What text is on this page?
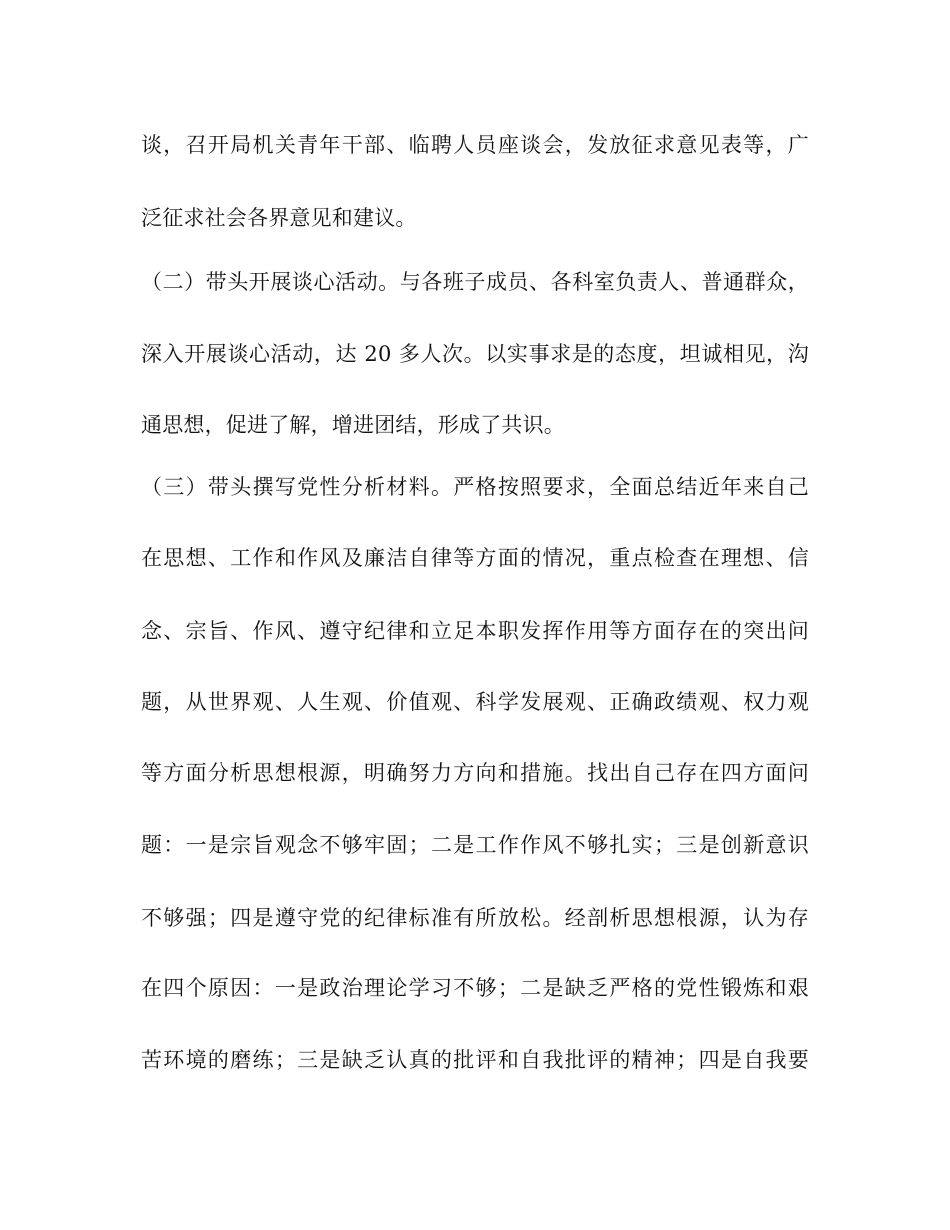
谈，召开局机关青年干部、临聘人员座谈会，发放征求意见表等，广
泛征求社会各界意见和建议。
（二）带头开展谈心活动。与各班子成员、各科室负责人、普通群众，
深入开展谈心活动，达 20 多人次。以实事求是的态度，坦诚相见，沟
通思想，促进了解，增进团结，形成了共识。
（三）带头撰写党性分析材料。严格按照要求，全面总结近年来自己
在思想、工作和作风及廉洁自律等方面的情况，重点检查在理想、信
念、宗旨、作风、遵守纪律和立足本职发挥作用等方面存在的突出问
题，从世界观、人生观、价值观、科学发展观、正确政绩观、权力观
等方面分析思想根源，明确努力方向和措施。找出自己存在四方面问
题：一是宗旨观念不够牢固；二是工作作风不够扎实；三是创新意识
不够强；四是遵守党的纪律标准有所放松。经剖析思想根源，认为存
在四个原因：一是政治理论学习不够；二是缺乏严格的党性锻炼和艰
苦环境的磨练；三是缺乏认真的批评和自我批评的精神；四是自我要
